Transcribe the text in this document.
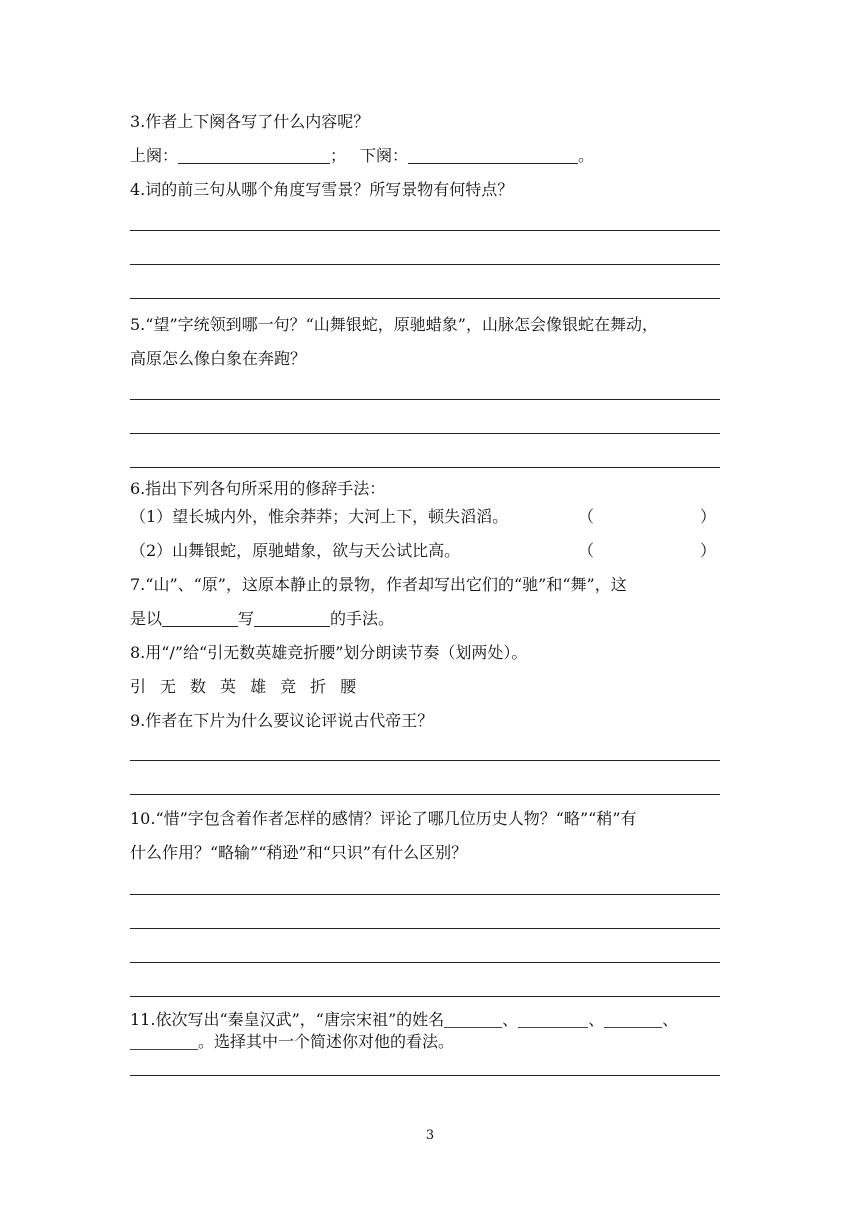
3.作者上下阕各写了什么内容呢？
上阕：	； 下阕：	。
4.词的前三句从哪个角度写雪景？所写景物有何特点？
5.“望”字统领到哪一句？“山舞银蛇，原驰蜡象”，山脉怎会像银蛇在舞动，
高原怎么像白象在奔跑？
6.指出下列各句所采用的修辞手法：
（1）望长城内外，惟余莽莽；大河上下，顿失滔滔。	（	）
（2）山舞银蛇，原驰蜡象，欲与天公试比高。	（	）
7.“山”、“原”，这原本静止的景物，作者却写出它们的“驰”和“舞”，这
是以	写	的手法。
8.用“/”给“引无数英雄竞折腰”划分朗读节奏（划两处）。
引 无 数 英 雄 竞 折 腰
9.作者在下片为什么要议论评说古代帝王？
10.“惜”字包含着作者怎样的感情？评论了哪几位历史人物？“略”“稍”有
什么作用？“略输”“稍逊”和“只识”有什么区别？
11.依次写出“秦皇汉武”，“唐宗宋祖”的姓名	、	、	、
。选择其中一个简述你对他的看法。
3
